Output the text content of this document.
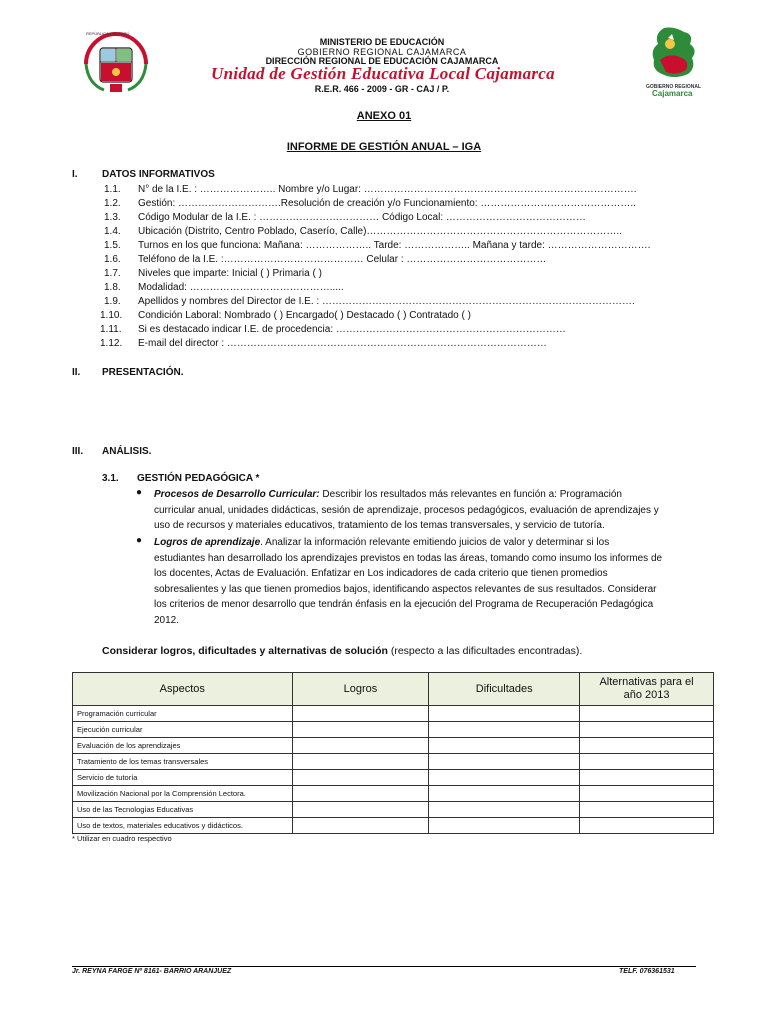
REPÚBLICA DEL PERÚ
GOBIERNO REGIONAL
Cajamarca
MINISTERIO DE EDUCACIÓN
GOBIERNO REGIONAL CAJAMARCA
DIRECCIÓN REGIONAL DE EDUCACIÓN CAJAMARCA
Unidad de Gestión Educativa Local Cajamarca
R.E.R. 466 - 2009 - GR - CAJ / P.
ANEXO 01
INFORME DE GESTIÓN ANUAL – IGA
I. DATOS INFORMATIVOS
1.1. N° de la I.E. : ………………….. Nombre y/o Lugar: ……………………………………………………………………….
1.2. Gestión: ………………………….Resolución de creación y/o Funcionamiento: ………………………………………..
1.3. Código Modular de la I.E. : ……………………………… Código Local: ……………………………………
1.4. Ubicación (Distrito, Centro Poblado, Caserío, Calle)…………………………………………………………………..
1.5. Turnos en los que funciona: Mañana: ……………….. Tarde: ……………….. Mañana y tarde: ………………………….
1.6. Teléfono de la I.E. :…………………………………… Celular : ……………………………………
1.7. Niveles que imparte: Inicial ( ) Primaria ( )
1.8. Modalidad: …………………………………….....
1.9. Apellidos y nombres del Director de I.E. : ………………………………………………………………………………….
1.10. Condición Laboral: Nombrado ( ) Encargado( ) Destacado ( ) Contratado ( )
1.11. Si es destacado indicar I.E. de procedencia: ……………………………………………………………
1.12. E-mail del director : ……………………………………………………………………………………
II. PRESENTACIÓN.
III. ANÁLISIS.
3.1. GESTIÓN PEDAGÓGICA *
● Procesos de Desarrollo Curricular: Describir los resultados más relevantes en función a: Programación
curricular anual, unidades didácticas, sesión de aprendizaje, procesos pedagógicos, evaluación de aprendizajes y
uso de recursos y materiales educativos, tratamiento de los temas transversales, y servicio de tutoría.
● Logros de aprendizaje. Analizar la información relevante emitiendo juicios de valor y determinar si los
estudiantes han desarrollado los aprendizajes previstos en todas las áreas, tomando como insumo los informes de
los docentes, Actas de Evaluación. Enfatizar en Los indicadores de cada criterio que tienen promedios
sobresalientes y las que tienen promedios bajos, identificando aspectos relevantes de sus resultados. Considerar
los criterios de menor desarrollo que tendrán énfasis en la ejecución del Programa de Recuperación Pedagógica
2012.
Considerar logros, dificultades y alternativas de solución (respecto a las dificultades encontradas).
Aspectos	Logros	Dificultades	Alternativas para el año 2013
Programación curricular			
Ejecución curricular			
Evaluación de los aprendizajes			
Tratamiento de los temas transversales			
Servicio de tutoría			
Movilización Nacional por la Comprensión Lectora.			
Uso de las Tecnologías Educativas			
Uso de textos, materiales educativos y didácticos.			
* Utilizar en cuadro respectivo
Jr. REYNA FARGE Nº 8161- BARRIO ARANJUEZ	TELF. 076361531
